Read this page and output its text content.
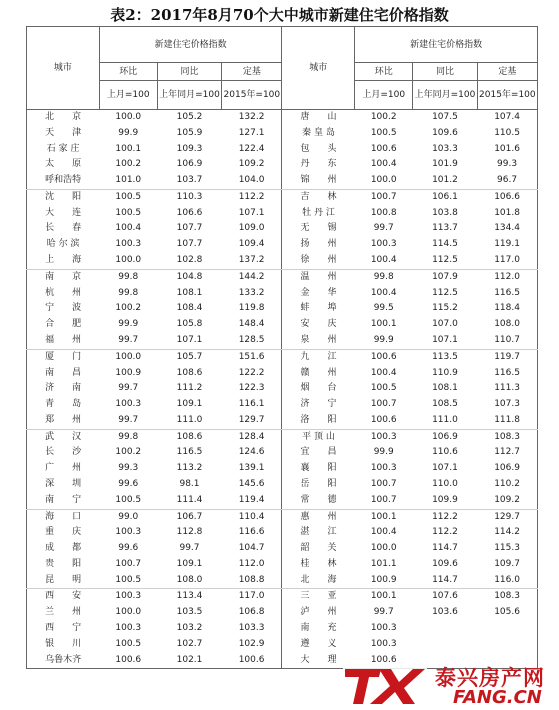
表2：2017年8月70个大中城市新建住宅价格指数
城市	新建住宅价格指数			城市	新建住宅价格指数		
	环比	同比	定基		环比	同比	定基
	上月=100	上年同月=100	2015年=100		上月=100	上年同月=100	2015年=100
北　　京	100.0	105.2	132.2	唐　　山	100.2	107.5	107.4
天　　津	99.9	105.9	127.1	秦 皇 岛	100.5	109.6	110.5
石 家 庄	100.1	109.3	122.4	包　　头	100.6	103.3	101.6
太　　原	100.2	106.9	109.2	丹　　东	100.4	101.9	99.3
呼和浩特	101.0	103.7	104.0	锦　　州	100.0	101.2	96.7
沈　　阳	100.5	110.3	112.2	吉　　林	100.7	106.1	106.6
大　　连	100.5	106.6	107.1	牡 丹 江	100.8	103.8	101.8
长　　春	100.4	107.7	109.0	无　　锡	99.7	113.7	134.4
哈 尔 滨	100.3	107.7	109.4	扬　　州	100.3	114.5	119.1
上　　海	100.0	102.8	137.2	徐　　州	100.4	112.5	117.0
南　　京	99.8	104.8	144.2	温　　州	99.8	107.9	112.0
杭　　州	99.8	108.1	133.2	金　　华	100.4	112.5	116.5
宁　　波	100.2	108.4	119.8	蚌　　埠	99.5	115.2	118.4
合　　肥	99.9	105.8	148.4	安　　庆	100.1	107.0	108.0
福　　州	99.7	107.1	128.5	泉　　州	99.9	107.1	110.7
厦　　门	100.0	105.7	151.6	九　　江	100.6	113.5	119.7
南　　昌	100.9	108.6	122.2	赣　　州	100.4	110.9	116.5
济　　南	99.7	111.2	122.3	烟　　台	100.5	108.1	111.3
青　　岛	100.3	109.1	116.1	济　　宁	100.7	108.5	107.3
郑　　州	99.7	111.0	129.7	洛　　阳	100.6	111.0	111.8
武　　汉	99.8	108.6	128.4	平 顶 山	100.3	106.9	108.3
长　　沙	100.2	116.5	124.6	宜　　昌	99.9	110.6	112.7
广　　州	99.3	113.2	139.1	襄　　阳	100.3	107.1	106.9
深　　圳	99.6	98.1	145.6	岳　　阳	100.7	110.0	110.2
南　　宁	100.5	111.4	119.4	常　　德	100.7	109.9	109.2
海　　口	99.0	106.7	110.4	惠　　州	100.1	112.2	129.7
重　　庆	100.3	112.8	116.6	湛　　江	100.4	112.2	114.2
成　　都	99.6	99.7	104.7	韶　　关	100.0	114.7	115.3
贵　　阳	100.7	109.1	112.0	桂　　林	101.1	109.6	109.7
昆　　明	100.5	108.0	108.8	北　　海	100.9	114.7	116.0
西　　安	100.3	113.4	117.0	三　　亚	100.1	107.6	108.3
兰　　州	100.0	103.5	106.8	泸　　州	99.7	103.6	105.6
西　　宁	100.3	103.2	103.3	南　　充	100.3		
银　　川	100.5	102.7	102.9	遵　　义	100.3		
乌鲁木齐	100.6	102.1	100.6	大　　理	100.6		
泰兴房产网
FANG.CN
